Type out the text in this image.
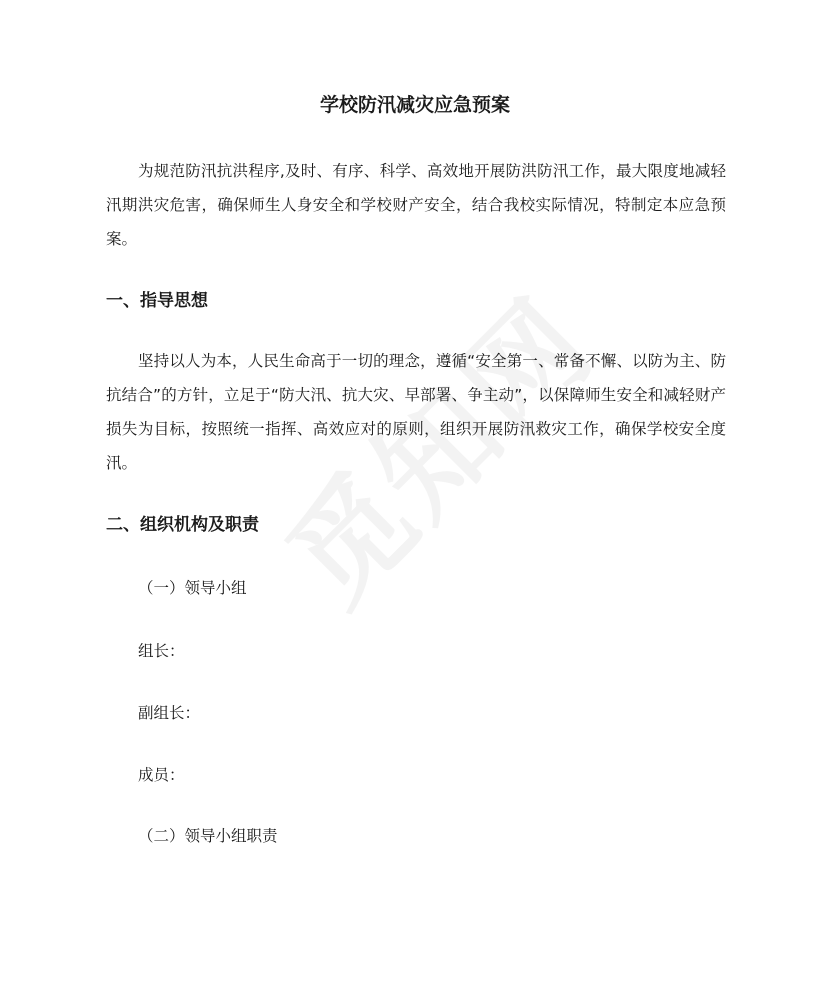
学校防汛减灾应急预案

为规范防汛抗洪程序,及时、有序、科学、高效地开展防洪防汛工作，最大限度地减轻汛期洪灾危害，确保师生人身安全和学校财产安全，结合我校实际情况，特制定本应急预案。

一、指导思想

坚持以人为本，人民生命高于一切的理念，遵循“安全第一、常备不懈、以防为主、防抗结合”的方针，立足于“防大汛、抗大灾、早部署、争主动”，以保障师生安全和减轻财产损失为目标，按照统一指挥、高效应对的原则，组织开展防汛救灾工作，确保学校安全度汛。

二、组织机构及职责

（一）领导小组

组长：

副组长：

成员：

（二）领导小组职责
